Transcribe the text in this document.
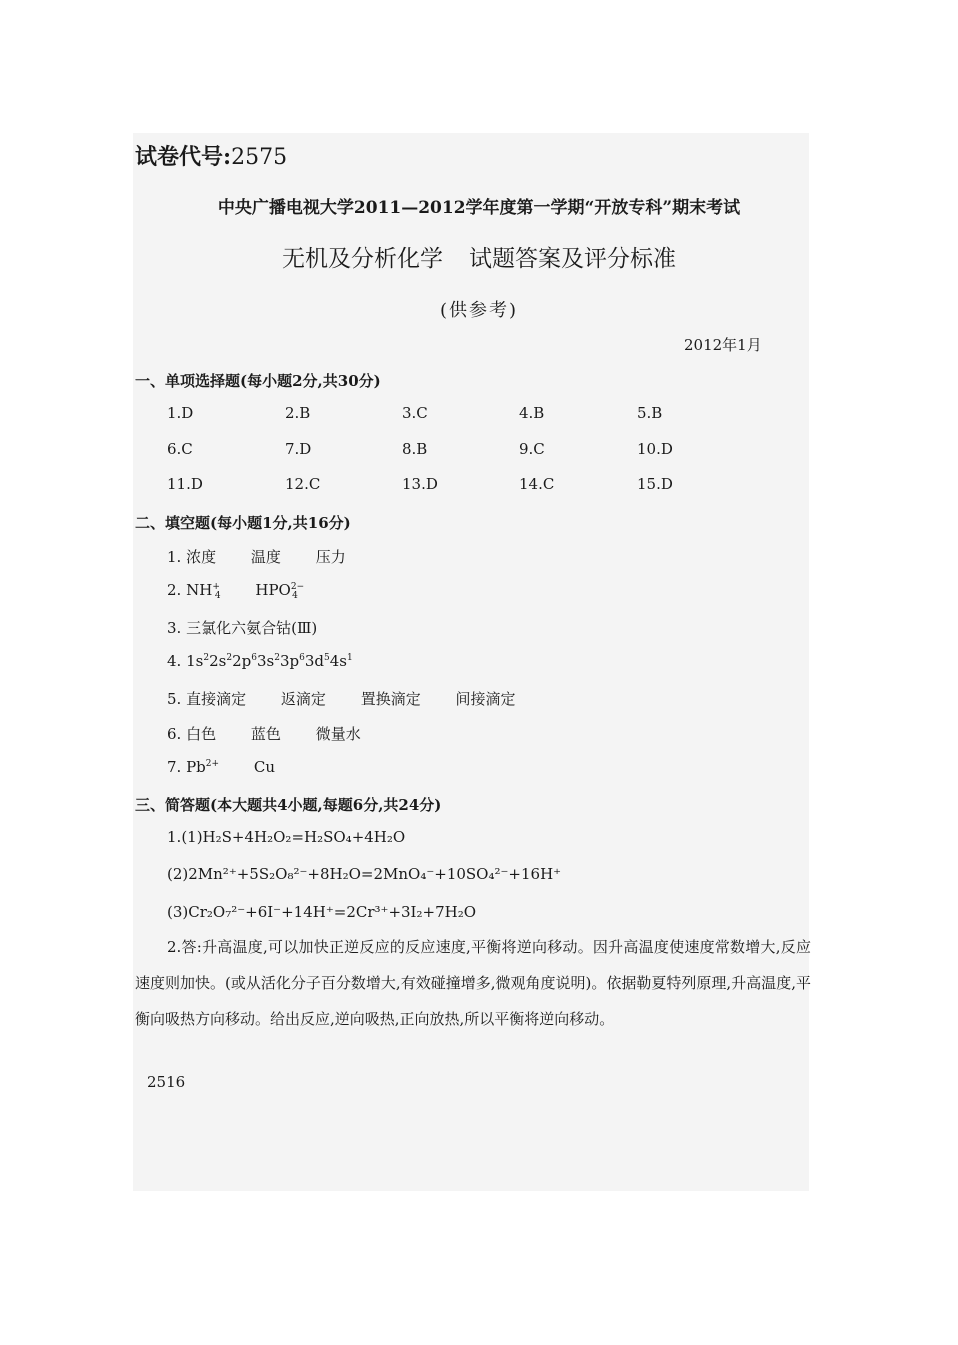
试卷代号:2575
中央广播电视大学2011—2012学年度第一学期“开放专科”期末考试
无机及分析化学 试题答案及评分标准
(供参考)
2012年1月
一、单项选择题(每小题2分,共30分)
1.D	2.B	3.C	4.B	5.B
6.C	7.D	8.B	9.C	10.D
11.D	12.C	13.D	14.C	15.D
二、填空题(每小题1分,共16分)
1. 浓度 温度 压力
2. $NH^+_4$ $HPO^{2-}_4$
3. 三氯化六氨合钴(Ⅲ)
4. $1s^22s^22p^63s^23p^63d^54s^1$
5. 直接滴定 返滴定 置换滴定 间接滴定
6. 白色 蓝色 微量水
7. $Pb^{2+}$ Cu
三、简答题(本大题共4小题,每题6分,共24分)
1.(1)H₂S+4H₂O₂=H₂SO₄+4H₂O
(2)2Mn²⁺+5S₂O₈²⁻+8H₂O=2MnO₄⁻+10SO₄²⁻+16H⁺
(3)Cr₂O₇²⁻+6I⁻+14H⁺=2Cr³⁺+3I₂+7H₂O
2.答:升高温度,可以加快正逆反应的反应速度,平衡将逆向移动。因升高温度使速度常数增大,反应速度则加快。(或从活化分子百分数增大,有效碰撞增多,微观角度说明)。依据勒夏特列原理,升高温度,平衡向吸热方向移动。给出反应,逆向吸热,正向放热,所以平衡将逆向移动。
2516
